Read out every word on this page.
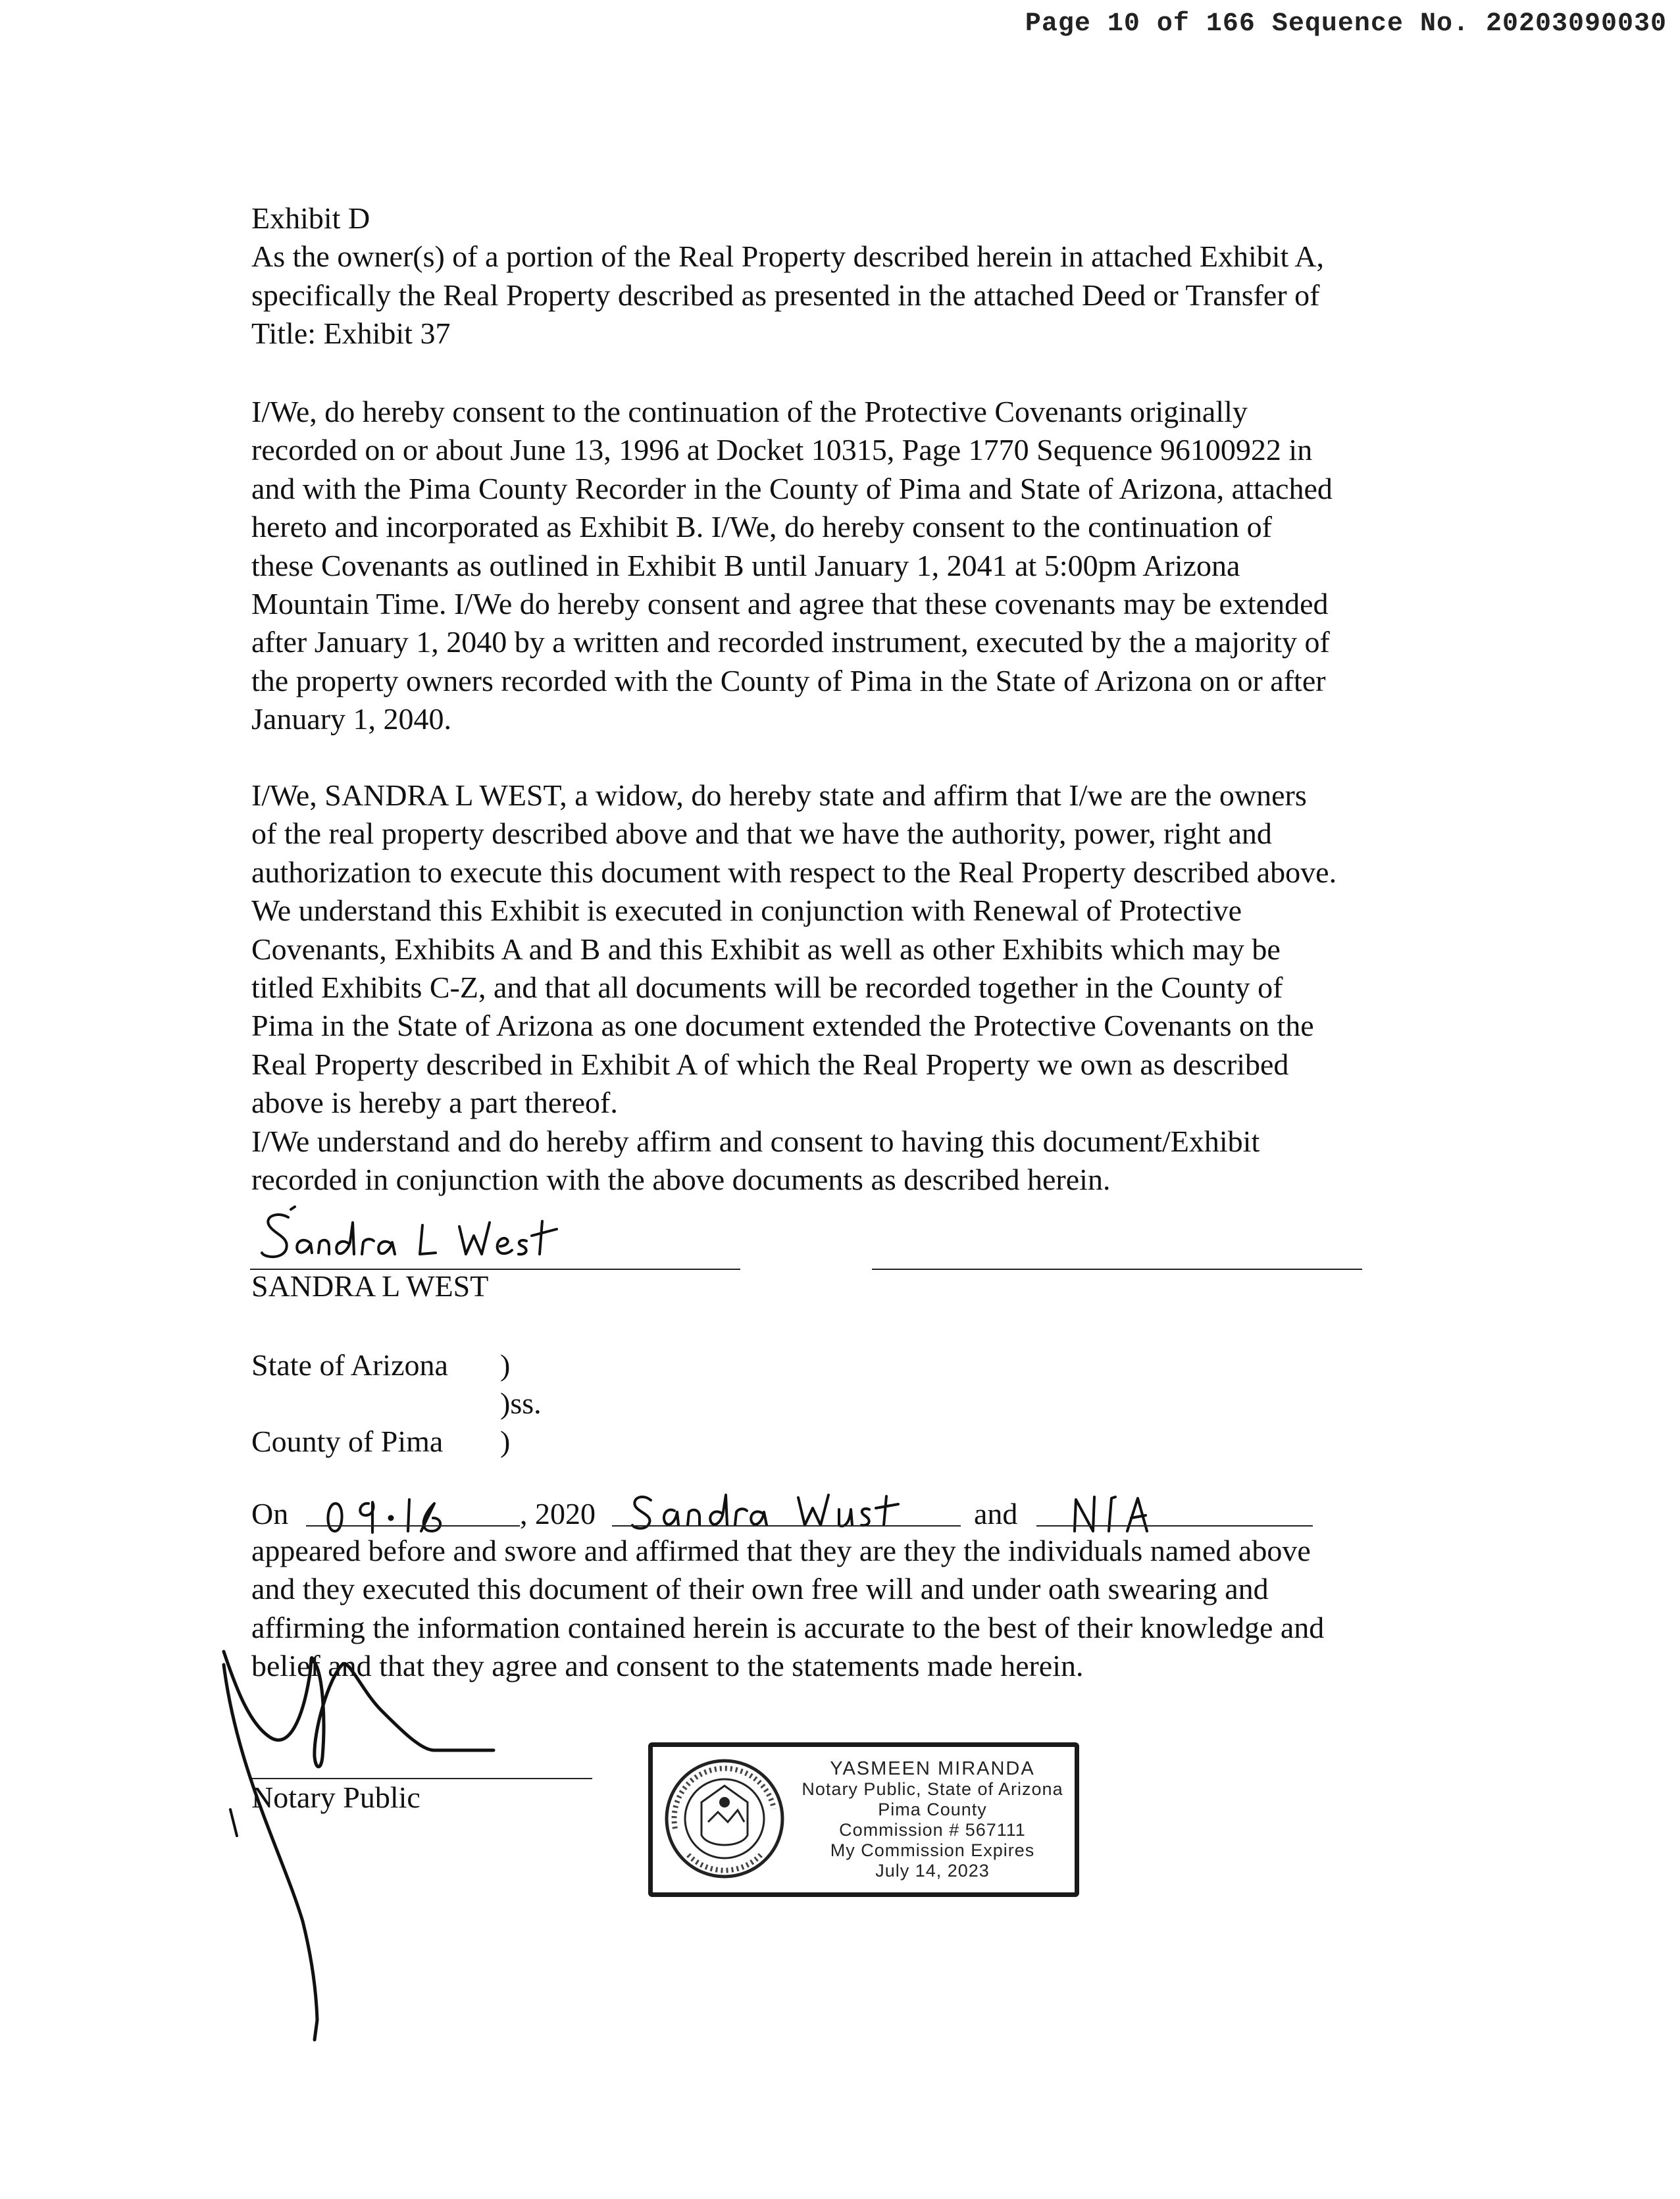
Page 10 of 166 Sequence No. 20203090030
Exhibit D
As the owner(s) of a portion of the Real Property described herein in attached Exhibit A,
specifically the Real Property described as presented in the attached Deed or Transfer of
Title: Exhibit 37
I/We, do hereby consent to the continuation of the Protective Covenants originally
recorded on or about June 13, 1996 at Docket 10315, Page 1770 Sequence 96100922 in
and with the Pima County Recorder in the County of Pima and State of Arizona, attached
hereto and incorporated as Exhibit B. I/We, do hereby consent to the continuation of
these Covenants as outlined in Exhibit B until January 1, 2041 at 5:00pm Arizona
Mountain Time. I/We do hereby consent and agree that these covenants may be extended
after January 1, 2040 by a written and recorded instrument, executed by the a majority of
the property owners recorded with the County of Pima in the State of Arizona on or after
January 1, 2040.
I/We, SANDRA L WEST, a widow, do hereby state and affirm that I/we are the owners
of the real property described above and that we have the authority, power, right and
authorization to execute this document with respect to the Real Property described above.
We understand this Exhibit is executed in conjunction with Renewal of Protective
Covenants, Exhibits A and B and this Exhibit as well as other Exhibits which may be
titled Exhibits C-Z, and that all documents will be recorded together in the County of
Pima in the State of Arizona as one document extended the Protective Covenants on the
Real Property described in Exhibit A of which the Real Property we own as described
above is hereby a part thereof.
I/We understand and do hereby affirm and consent to having this document/Exhibit
recorded in conjunction with the above documents as described herein.
SANDRA L WEST
State of Arizona )
)ss.
County of Pima )
On	, 2020	and
appeared before and swore and affirmed that they are they the individuals named above
and they executed this document of their own free will and under oath swearing and
affirming the information contained herein is accurate to the best of their knowledge and
belief and that they agree and consent to the statements made herein.
Notary Public
YASMEEN MIRANDA
Notary Public, State of Arizona
Pima County
Commission # 567111
My Commission Expires
July 14, 2023
